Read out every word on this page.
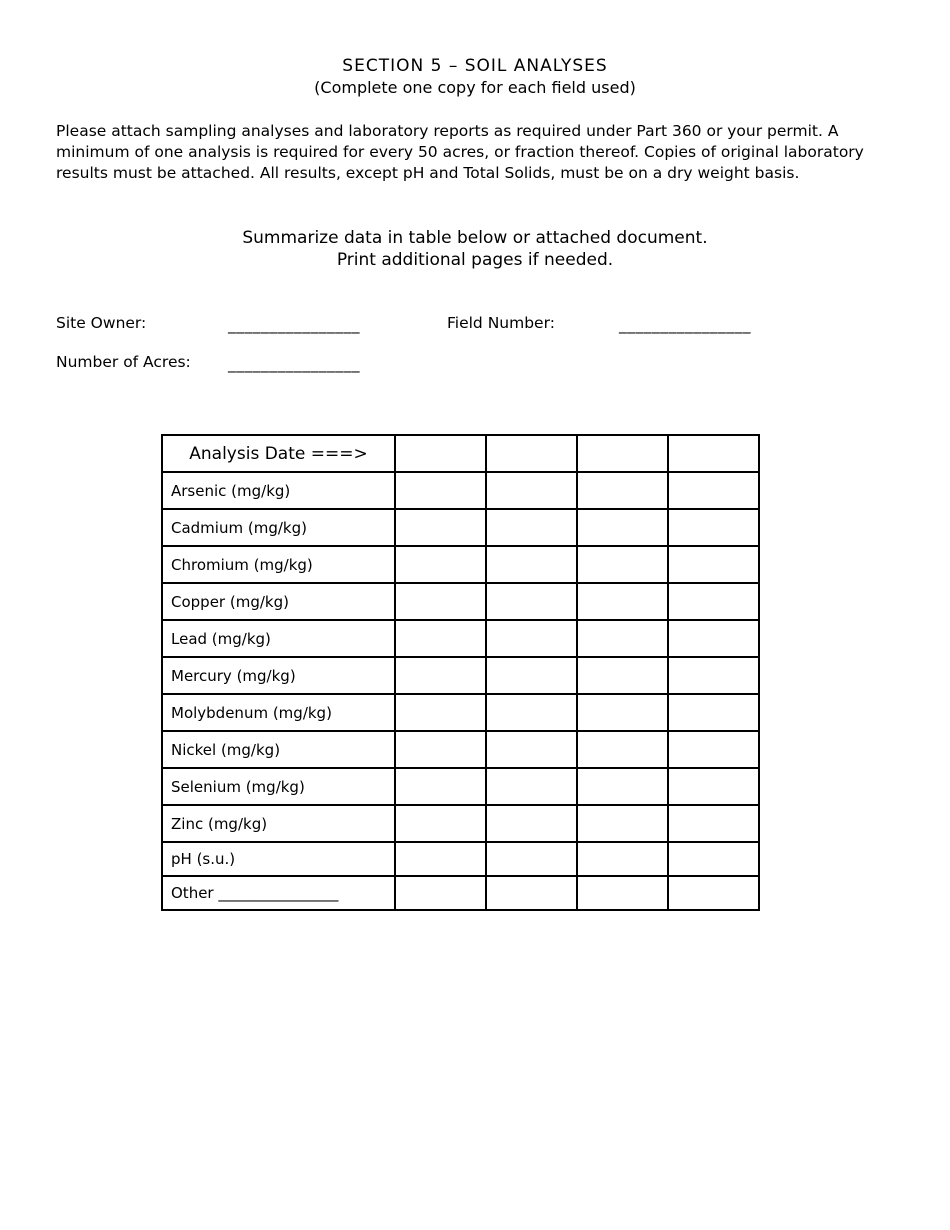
SECTION 5 – SOIL ANALYSES
(Complete one copy for each field used)

Please attach sampling analyses and laboratory reports as required under Part 360 or your permit. A minimum of one analysis is required for every 50 acres, or fraction thereof. Copies of original laboratory results must be attached. All results, except pH and Total Solids, must be on a dry weight basis.

Summarize data in table below or attached document.
Print additional pages if needed.
Site Owner:	________________	Field Number:	________________
Number of Acres: ________________
Analysis Date ===>				
Arsenic (mg/kg)				
Cadmium (mg/kg)				
Chromium (mg/kg)				
Copper (mg/kg)				
Lead (mg/kg)				
Mercury (mg/kg)				
Molybdenum (mg/kg)				
Nickel (mg/kg)				
Selenium (mg/kg)				
Zinc (mg/kg)				
pH (s.u.)				
Other ________________				
